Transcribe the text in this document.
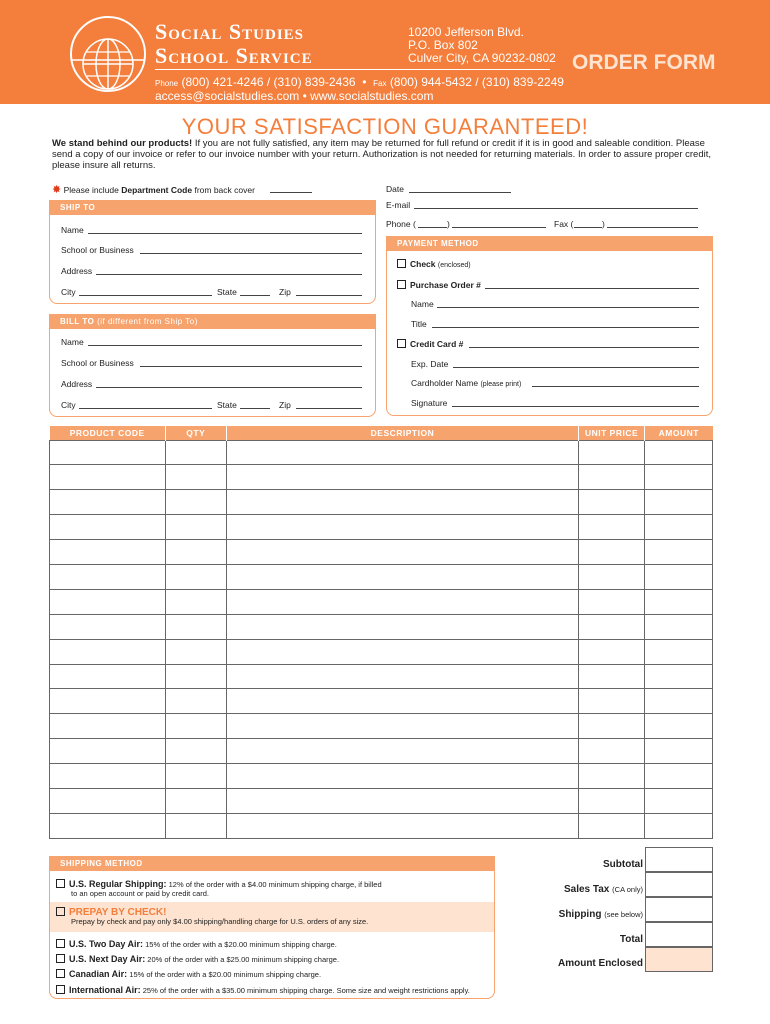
Social Studies
School Service
10200 Jefferson Blvd.
P.O. Box 802
Culver City, CA 90232-0802 ORDER FORM
Phone (800) 421-4246 / (310) 839-2436  •  Fax (800) 944-5432 / (310) 839-2249
access@socialstudies.com • www.socialstudies.com
YOUR SATISFACTION GUARANTEED!
We stand behind our products! If you are not fully satisfied, any item may be returned for full refund or credit if it is in good and saleable condition. Please send a copy of our invoice or refer to our invoice number with your return. Authorization is not needed for returning materials. In order to assure proper credit, please insure all returns.
✸ Please include Department Code from back cover
SHIP TO
Name
School or Business
Address
City	State	Zip
BILL TO (if different from Ship To)
Name
School or Business
Address
City	State	Zip
Date
E-mail
Phone (	)	Fax (	)
PAYMENT METHOD
Check (enclosed)
Purchase Order #
Name
Title
Credit Card #
Exp. Date
Cardholder Name (please print)
Signature
PRODUCT CODE	QTY	DESCRIPTION	UNIT PRICE	AMOUNT

SHIPPING METHOD
U.S. Regular Shipping: 12% of the order with a $4.00 minimum shipping charge, if billed
to an open account or paid by credit card.
PREPAY BY CHECK!
Prepay by check and pay only $4.00 shipping/handling charge for U.S. orders of any size.
U.S. Two Day Air: 15% of the order with a $20.00 minimum shipping charge.
U.S. Next Day Air: 20% of the order with a $25.00 minimum shipping charge.
Canadian Air: 15% of the order with a $20.00 minimum shipping charge.
International Air: 25% of the order with a $35.00 minimum shipping charge. Some size and weight restrictions apply.
Subtotal
Sales Tax (CA only)
Shipping (see below)
Total
Amount Enclosed
